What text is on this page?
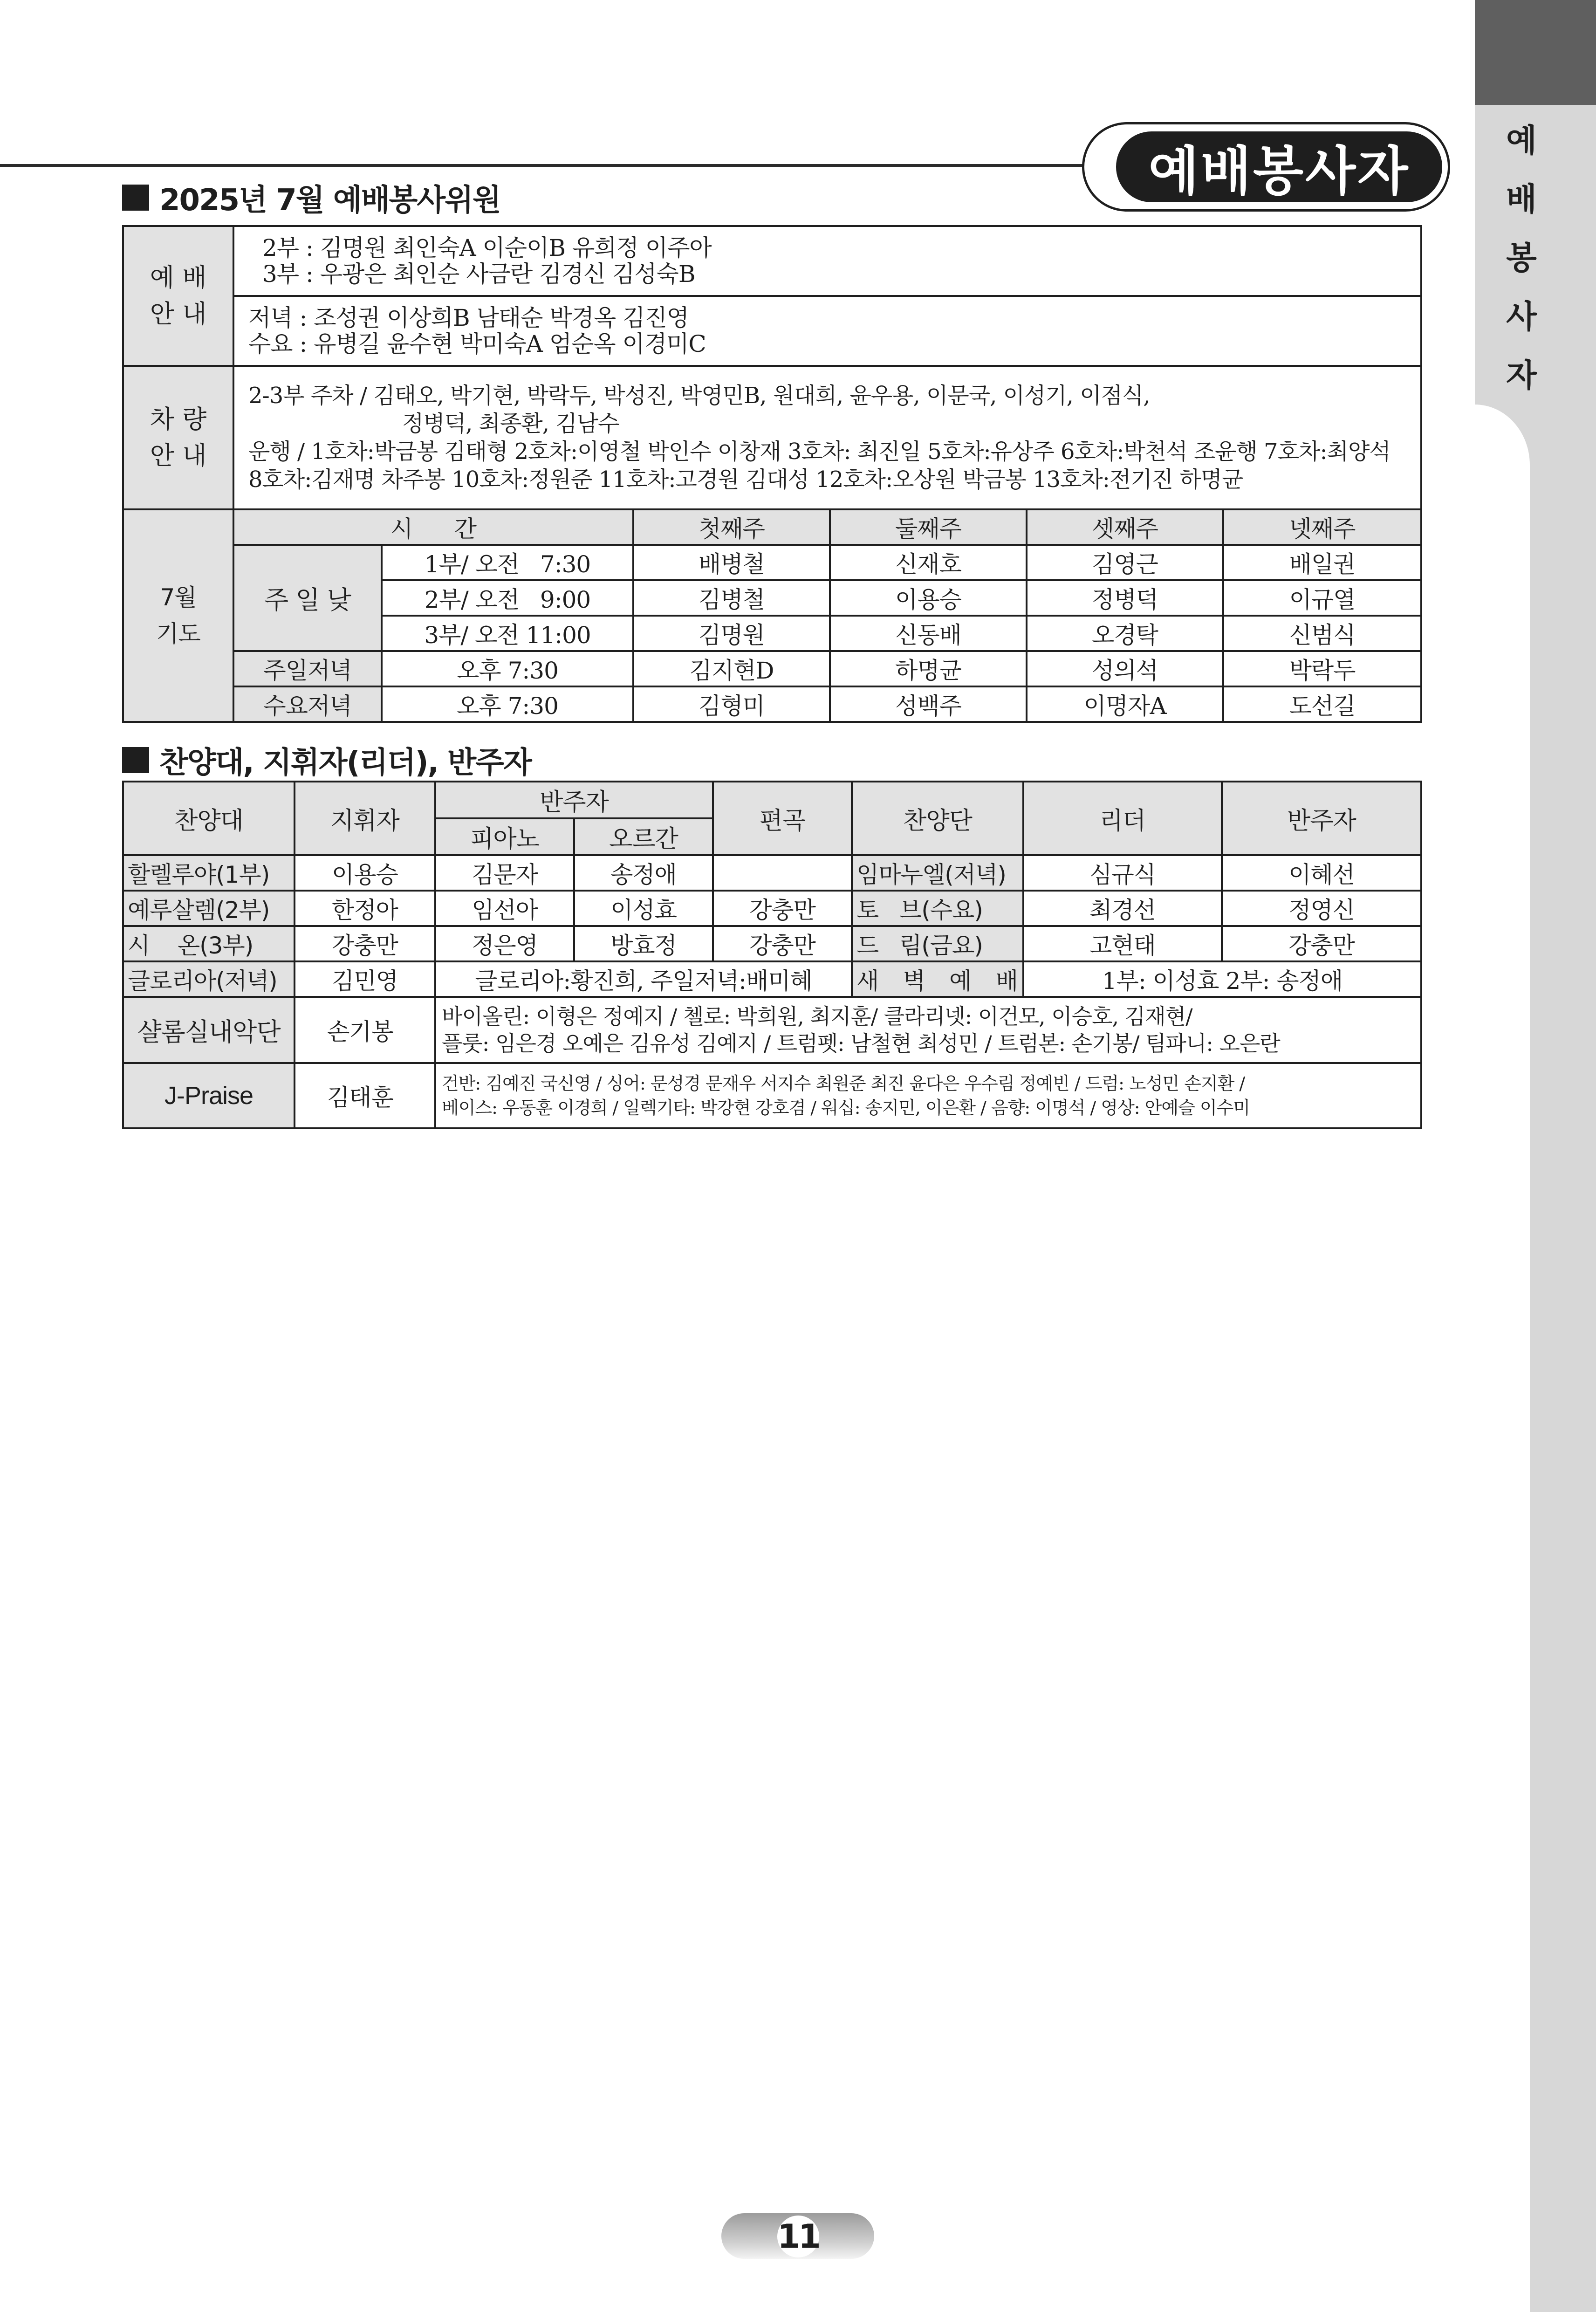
예배봉사자	예
배
봉
사
자
2025년 7월 예배봉사위원
예 배
안 내

2부 : 김명원 최인숙A 이순이B 유희정 이주아
3부 : 우광은 최인순 사금란 김경신 김성숙B

	저녁 : 조성권 이상희B 남태순 박경옥 김진영
수요 : 유병길 윤수현 박미숙A 엄순옥 이경미C					

차 량
안 내

2-3부 주차 / 김태오, 박기현, 박락두, 박성진, 박영민B, 원대희, 윤우용, 이문국, 이성기, 이점식,
정병덕, 최종환, 김남수
운행 / 1호차:박금봉 김태형 2호차:이영철 박인수 이창재 3호차: 최진일 5호차:유상주 6호차:박천석 조윤행 7호차:최양석
8호차:김재명 차주봉 10호차:정원준 11호차:고경원 김대성 12호차:오상원 박금봉 13호차:전기진 하명균

7월
기도	시      간		첫째주	둘째주	셋째주	넷째주
	주 일 낮	1부/ 오전   7:30	배병철	신재호	김영근	배일권
		2부/ 오전   9:00	김병철	이용승	정병덕	이규열
		3부/ 오전 11:00	김명원	신동배	오경탁	신범식
	주일저녁	오후 7:30	김지현D	하명균	성의석	박락두
	수요저녁	오후 7:30	김형미	성백주	이명자A	도선길
찬양대, 지휘자(리더), 반주자
찬양대	지휘자		반주자		편곡	찬양단	리더	반주자
			피아노	오르간				
할렐루야(1부)	이용승		김문자	송정애		임마누엘(저녁)	심규식	이혜선
예루살렘(2부)	한정아		임선아	이성효	강충만	토   브(수요)	최경선	정영신
시    온(3부)	강충만		정은영	방효정	강충만	드   림(금요)	고현태	강충만
글로리아(저녁)	김민영		글로리아:황진희, 주일저녁:배미혜			새 벽 예 배	1부: 이성효 2부: 송정애	
샬롬실내악단		손기봉	바이올린: 이형은 정예지 / 첼로: 박희원, 최지훈/ 클라리넷: 이건모, 이승호, 김재현/
플룻: 임은경 오예은 김유성 김예지 / 트럼펫: 남철현 최성민 / 트럼본: 손기봉/ 팀파니: 오은란					

J-Praise		김태훈	건반: 김예진 국신영 / 싱어: 문성경 문재우 서지수 최원준 최진 윤다은 우수림 정예빈 / 드럼: 노성민 손지환 /
베이스: 우동훈 이경희 / 일렉기타: 박강현 강호겸 / 워십: 송지민, 이은환 / 음향: 이명석 / 영상: 안예슬 이수미					
11
